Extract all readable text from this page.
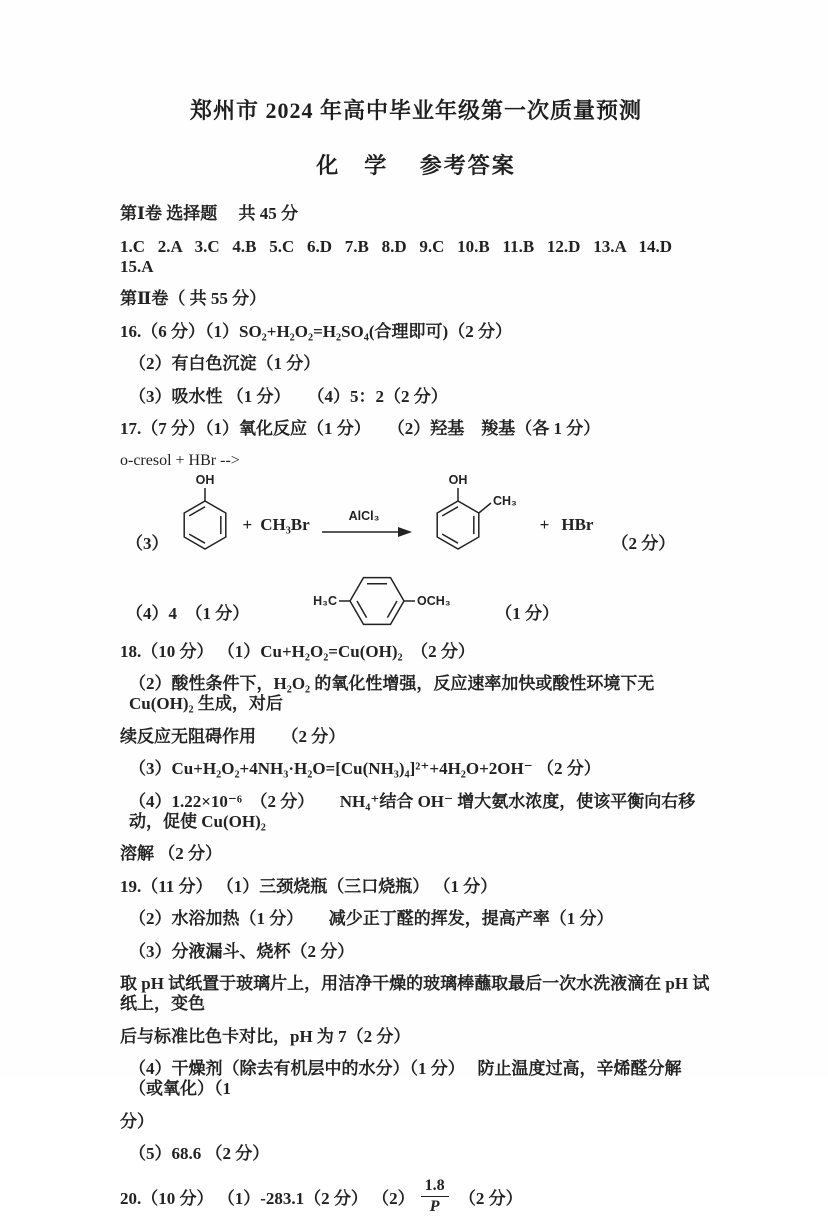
郑州市 2024 年高中毕业年级第一次质量预测
化　学　 参考答案
第Ⅰ卷 选择题　 共 45 分
1.C   2.A   3.C   4.B   5.C   6.D   7.B   8.D   9.C   10.B   11.B   12.D   13.A   14.D   15.A
第Ⅱ卷（ 共 55 分）
16.（6 分）（1）SO₂+H₂O₂=H₂SO₄(合理即可)（2 分）
（2）有白色沉淀（1 分）
（3）吸水性 （1 分）　　（4）5：2（2 分）
17.（7 分）（1）氧化反应（1 分）　　（2）羟基　羧基（各 1 分）
o-cresol + HBr -->
（3）
OH
+ CH₃Br	AlCl₃
OH
CH₃
+ HBr
（2 分）
（4）4　（1 分）
H₃C	OCH₃
（1 分）
18.（10 分） （1）Cu+H₂O₂=Cu(OH)₂　（2 分）
（2）酸性条件下，H₂O₂ 的氧化性增强，反应速率加快或酸性环境下无 Cu(OH)₂ 生成，对后
续反应无阻碍作用　　（2 分）
（3）Cu+H₂O₂+4NH₃·H₂O=[Cu(NH₃)₄]²⁺+4H₂O+2OH⁻ （2 分）
（4）1.22×10⁻⁶　（2 分）　　NH₄⁺结合 OH⁻ 增大氨水浓度，使该平衡向右移动，促使 Cu(OH)₂
溶解 （2 分）
19.（11 分） （1）三颈烧瓶（三口烧瓶） （1 分）
（2）水浴加热（1 分）　　减少正丁醛的挥发，提高产率（1 分）
（3）分液漏斗、烧杯（2 分）
取 pH 试纸置于玻璃片上，用洁净干燥的玻璃棒蘸取最后一次水洗液滴在 pH 试纸上，变色
后与标准比色卡对比，pH 为 7（2 分）
（4）干燥剂（除去有机层中的水分）（1 分）　 防止温度过高，辛烯醛分解（或氧化）（1
分）
（5）68.6 （2 分）
20.（10 分） （1）-283.1（2 分） $(2) \frac{1.8}{P} (2$ 分）
